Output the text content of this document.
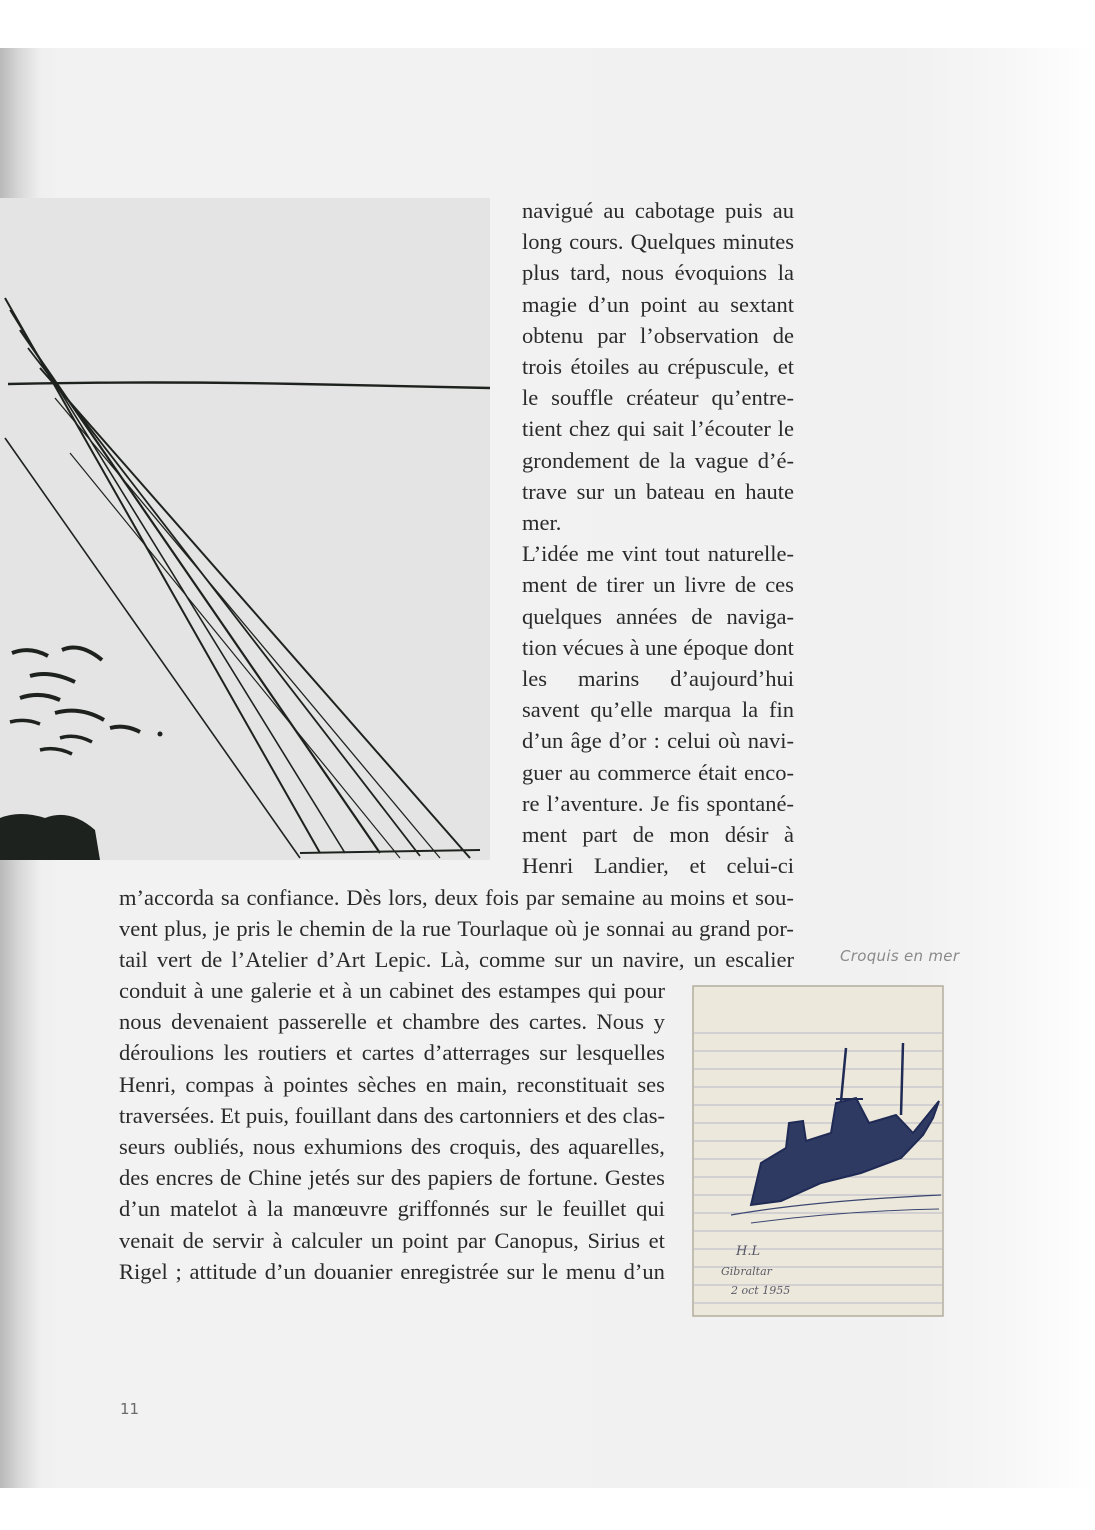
navigué au cabotage puis au
long cours. Quelques minutes
plus tard, nous évoquions la
magie d’un point au sextant
obtenu par l’observation de
trois étoiles au crépuscule, et
le souffle créateur qu’entre-
tient chez qui sait l’écouter le
grondement de la vague d’é-
trave sur un bateau en haute
mer.
L’idée me vint tout naturelle-
ment de tirer un livre de ces
quelques années de naviga-
tion vécues à une époque dont
les marins d’aujourd’hui
savent qu’elle marqua la fin
d’un âge d’or : celui où navi-
guer au commerce était enco-
re l’aventure. Je fis spontané-
ment part de mon désir à
Henri Landier, et celui-ci
m’accorda sa confiance. Dès lors, deux fois par semaine au moins et sou-
vent plus, je pris le chemin de la rue Tourlaque où je sonnai au grand por-
tail vert de l’Atelier d’Art Lepic. Là, comme sur un navire, un escalier
conduit à une galerie et à un cabinet des estampes qui pour
nous devenaient passerelle et chambre des cartes. Nous y
déroulions les routiers et cartes d’atterrages sur lesquelles
Henri, compas à pointes sèches en main, reconstituait ses
traversées. Et puis, fouillant dans des cartonniers et des clas-
seurs oubliés, nous exhumions des croquis, des aquarelles,
des encres de Chine jetés sur des papiers de fortune. Gestes
d’un matelot à la manœuvre griffonnés sur le feuillet qui
venait de servir à calculer un point par Canopus, Sirius et
Rigel ; attitude d’un douanier enregistrée sur le menu d’un
Croquis en mer
H.L
Gibraltar
2 oct 1955
11
